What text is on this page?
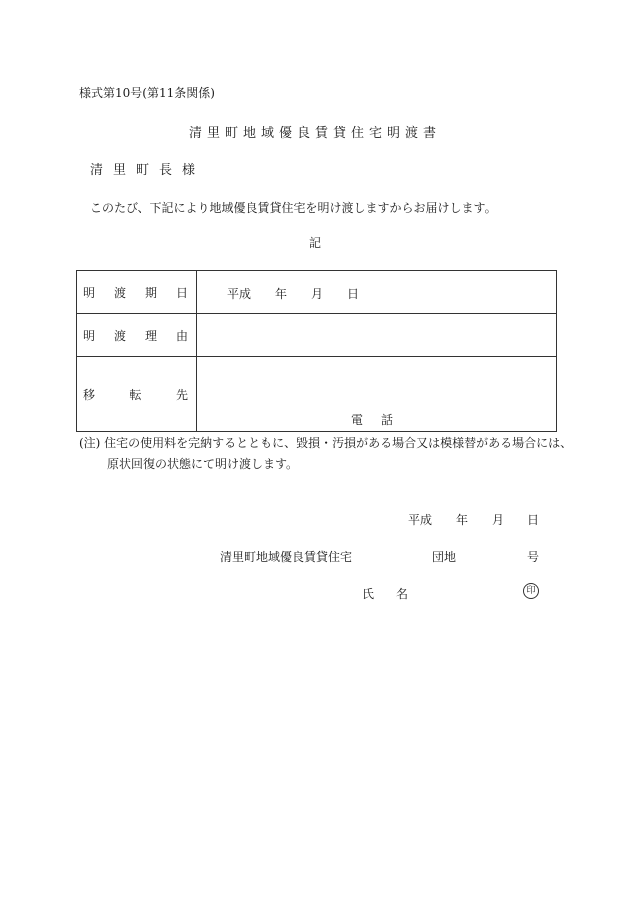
様式第10号(第11条関係)
清里町地域優良賃貸住宅明渡書
清里町長様
このたび、下記により地域優良賃貸住宅を明け渡しますからお届けします。
記
明 渡 期 日	平成 年 月 日

明 渡 理 由	

移 転 先	電話
(注) 住宅の使用料を完納するとともに、毀損・汚損がある場合又は模様替がある場合には、
原状回復の状態にて明け渡します。
平成 年 月 日
清里町地域優良賃貸住宅	団地	号
氏名	印
